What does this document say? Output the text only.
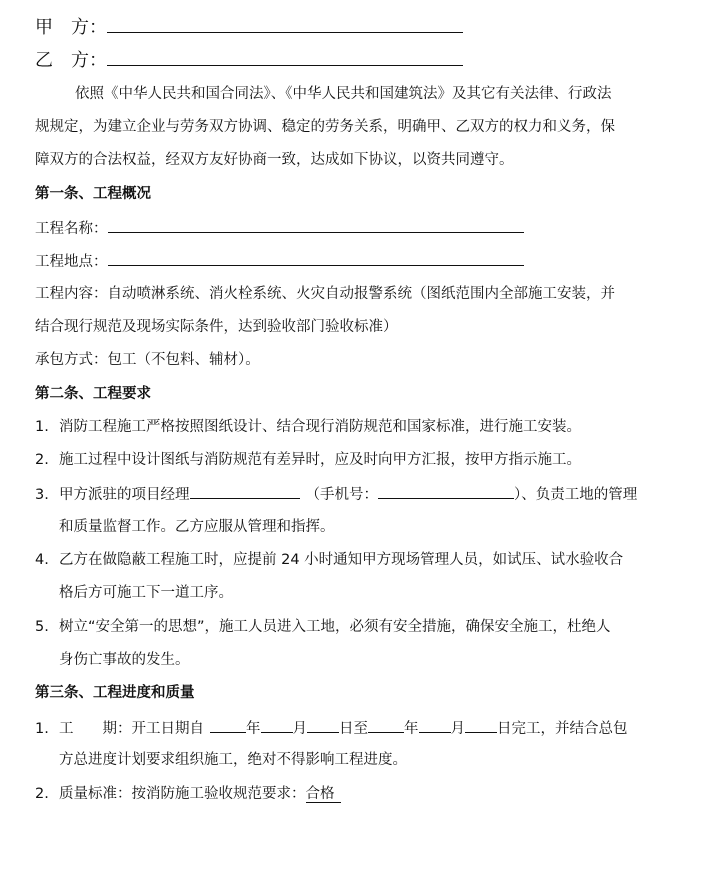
甲　方：
乙　方：
依照《中华人民共和国合同法》、《中华人民共和国建筑法》及其它有关法律、行政法
规规定，为建立企业与劳务双方协调、稳定的劳务关系，明确甲、乙双方的权力和义务，保
障双方的合法权益，经双方友好协商一致，达成如下协议，以资共同遵守。
第一条、工程概况
工程名称：
工程地点：
工程内容：自动喷淋系统、消火栓系统、火灾自动报警系统（图纸范围内全部施工安装，并
结合现行规范及现场实际条件，达到验收部门验收标准）
承包方式：包工（不包料、辅材）。
第二条、工程要求
1. 消防工程施工严格按照图纸设计、结合现行消防规范和国家标准，进行施工安装。
2. 施工过程中设计图纸与消防规范有差异时，应及时向甲方汇报，按甲方指示施工。
3. 甲方派驻的项目经理	（手机号：	）、负责工地的管理
和质量监督工作。乙方应服从管理和指挥。
4. 乙方在做隐蔽工程施工时，应提前 24 小时通知甲方现场管理人员，如试压、试水验收合
格后方可施工下一道工序。
5. 树立“安全第一的思想”，施工人员进入工地，必须有安全措施，确保安全施工，杜绝人
身伤亡事故的发生。
第三条、工程进度和质量
1. 工　　期：开工日期自	年 月 日至 年 月 日完工，并结合总包
方总进度计划要求组织施工，绝对不得影响工程进度。
2. 质量标准：按消防施工验收规范要求：合格
